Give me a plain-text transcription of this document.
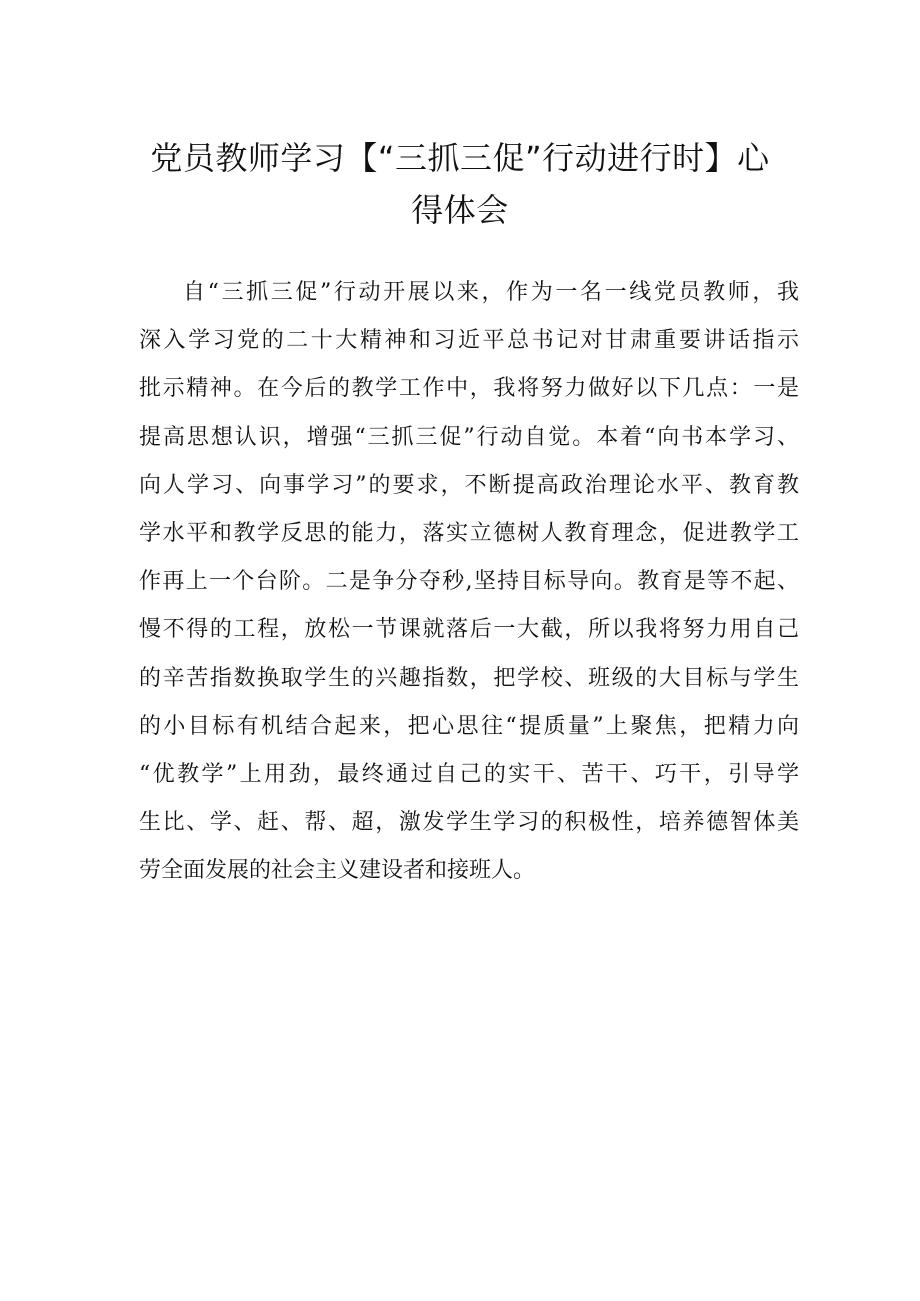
党员教师学习【“三抓三促”行动进行时】心
得体会
自“三抓三促”行动开展以来，作为一名一线党员教师，我
深入学习党的二十大精神和习近平总书记对甘肃重要讲话指示
批示精神。在今后的教学工作中，我将努力做好以下几点：一是
提高思想认识，增强“三抓三促”行动自觉。本着“向书本学习、
向人学习、向事学习”的要求，不断提高政治理论水平、教育教
学水平和教学反思的能力，落实立德树人教育理念，促进教学工
作再上一个台阶。二是争分夺秒,坚持目标导向。教育是等不起、
慢不得的工程，放松一节课就落后一大截，所以我将努力用自己
的辛苦指数换取学生的兴趣指数，把学校、班级的大目标与学生
的小目标有机结合起来，把心思往“提质量”上聚焦，把精力向
“优教学”上用劲，最终通过自己的实干、苦干、巧干，引导学
生比、学、赶、帮、超，激发学生学习的积极性，培养德智体美
劳全面发展的社会主义建设者和接班人。
